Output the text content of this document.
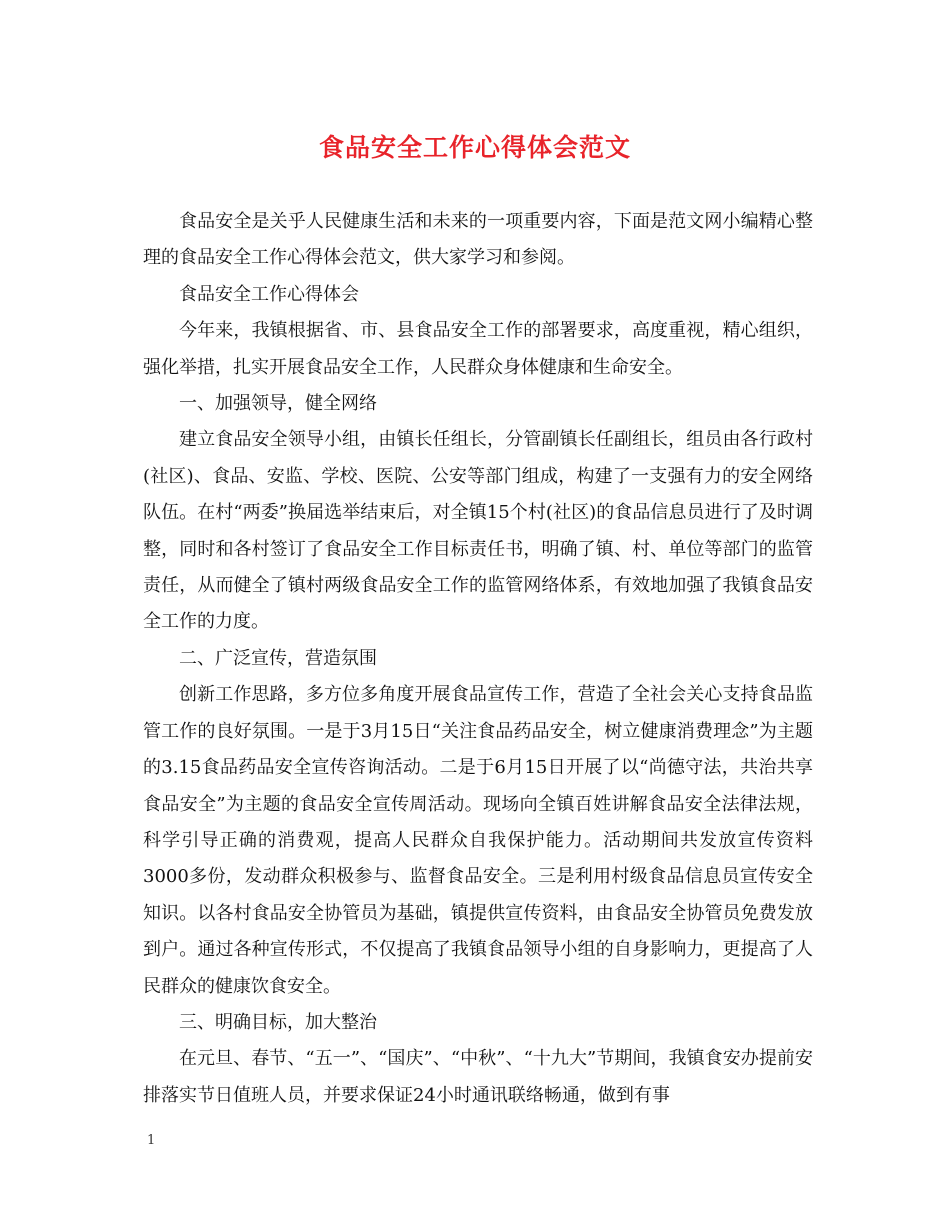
食品安全工作心得体会范文

食品安全是关乎人民健康生活和未来的一项重要内容，下面是范文网小编精心整理的食品安全工作心得体会范文，供大家学习和参阅。

食品安全工作心得体会

今年来，我镇根据省、市、县食品安全工作的部署要求，高度重视，精心组织，强化举措，扎实开展食品安全工作，人民群众身体健康和生命安全。

一、加强领导，健全网络

建立食品安全领导小组，由镇长任组长，分管副镇长任副组长，组员由各行政村(社区)、食品、安监、学校、医院、公安等部门组成，构建了一支强有力的安全网络队伍。在村“两委”换届选举结束后，对全镇15个村(社区)的食品信息员进行了及时调整，同时和各村签订了食品安全工作目标责任书，明确了镇、村、单位等部门的监管责任，从而健全了镇村两级食品安全工作的监管网络体系，有效地加强了我镇食品安全工作的力度。

二、广泛宣传，营造氛围

创新工作思路，多方位多角度开展食品宣传工作，营造了全社会关心支持食品监管工作的良好氛围。一是于3月15日“关注食品药品安全，树立健康消费理念”为主题的3.15食品药品安全宣传咨询活动。二是于6月15日开展了以“尚德守法，共治共享食品安全”为主题的食品安全宣传周活动。现场向全镇百姓讲解食品安全法律法规，科学引导正确的消费观，提高人民群众自我保护能力。活动期间共发放宣传资料3000多份，发动群众积极参与、监督食品安全。三是利用村级食品信息员宣传安全知识。以各村食品安全协管员为基础，镇提供宣传资料，由食品安全协管员免费发放到户。通过各种宣传形式，不仅提高了我镇食品领导小组的自身影响力，更提高了人民群众的健康饮食安全。

三、明确目标，加大整治

在元旦、春节、“五一”、“国庆”、“中秋”、“十九大”节期间，我镇食安办提前安排落实节日值班人员，并要求保证24小时通讯联络畅通，做到有事

1
